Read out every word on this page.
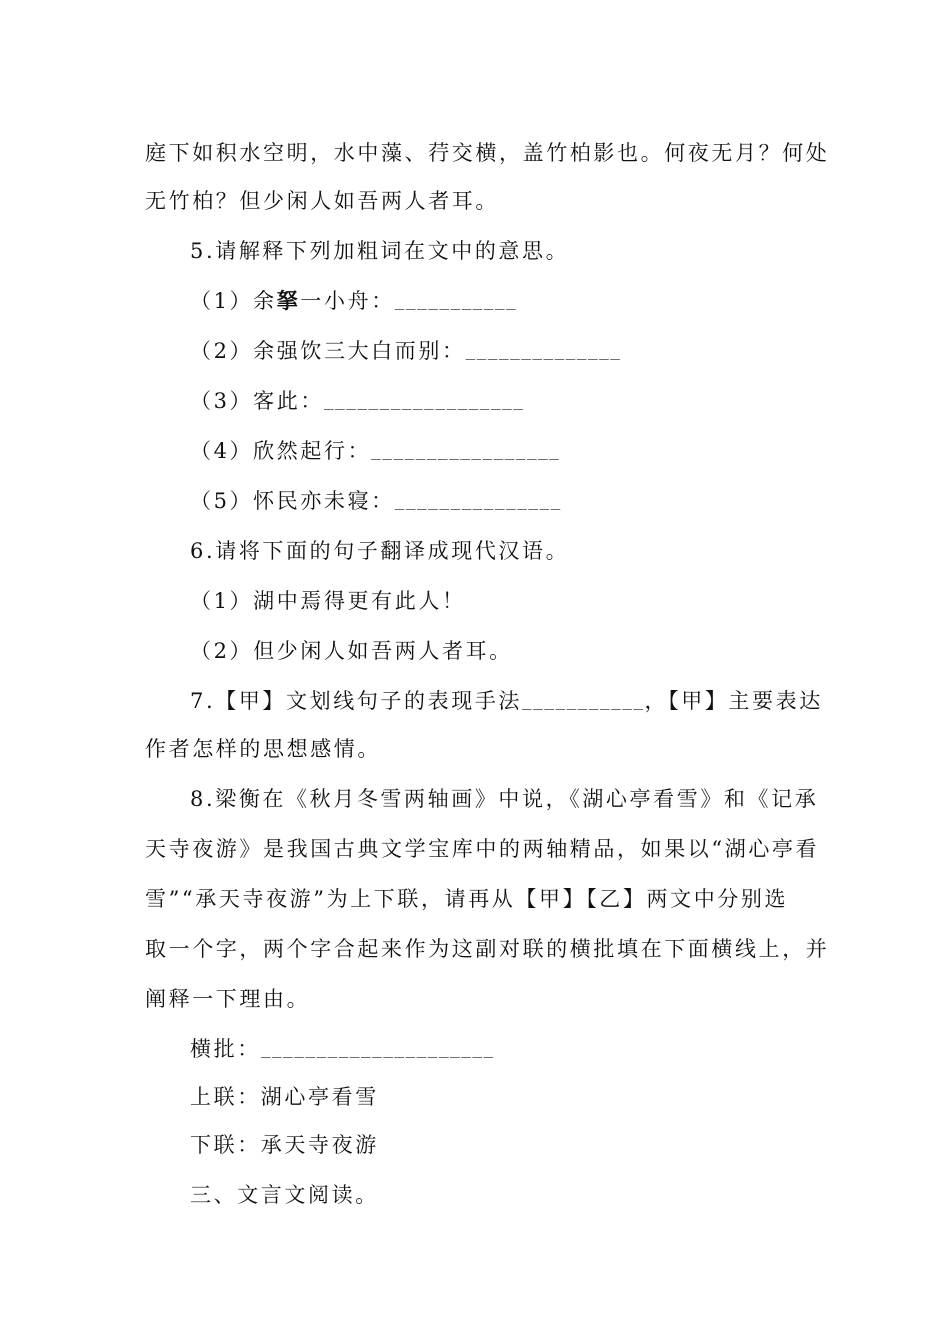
庭下如积水空明，水中藻、荇交横，盖竹柏影也。何夜无月？何处
无竹柏？但少闲人如吾两人者耳。
5.请解释下列加粗词在文中的意思。
（1）余拏一小舟：___________
（2）余强饮三大白而别：______________
（3）客此：__________________
（4）欣然起行：_________________
（5）怀民亦未寝：_______________
6.请将下面的句子翻译成现代汉语。
（1）湖中焉得更有此人！
（2）但少闲人如吾两人者耳。
7.【甲】文划线句子的表现手法___________，【甲】主要表达
作者怎样的思想感情。
8.梁衡在《秋月冬雪两轴画》中说，《湖心亭看雪》和《记承
天寺夜游》是我国古典文学宝库中的两轴精品，如果以“湖心亭看
雪”“承天寺夜游”为上下联，请再从【甲】【乙】两文中分别选
取一个字，两个字合起来作为这副对联的横批填在下面横线上，并
阐释一下理由。
横批：_____________________
上联：湖心亭看雪
下联：承天寺夜游
三、文言文阅读。
